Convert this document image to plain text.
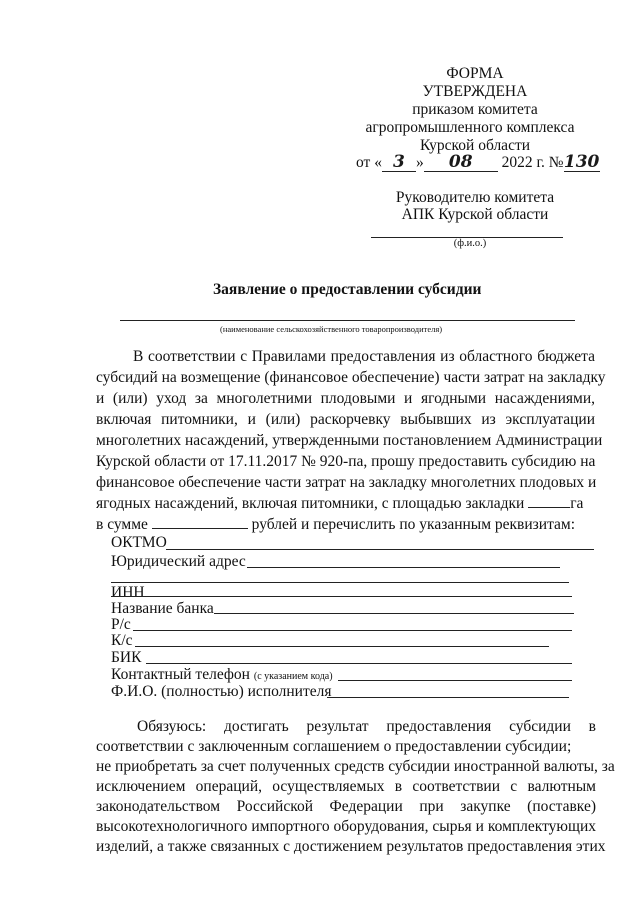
ФОРМА
УТВЕРЖДЕНА
приказом комитета
агропромышленного комплекса
Курской области
от « 3 » 08 2022 г. №130
Руководителю комитета
АПК Курской области
(ф.и.о.)
Заявление о предоставлении субсидии
(наименование сельскохозяйственного товаропроизводителя)
В соответствии с Правилами предоставления из областного бюджета
субсидий на возмещение (финансовое обеспечение) части затрат на закладку
и (или) уход за многолетними плодовыми и ягодными насаждениями,
включая питомники, и (или) раскорчевку выбывших из эксплуатации
многолетних насаждений, утвержденными постановлением Администрации
Курской области от 17.11.2017 № 920-па, прошу предоставить субсидию на
финансовое обеспечение части затрат на закладку многолетних плодовых и
ягодных насаждений, включая питомники, с площадью закладки	га
в сумме	рублей и перечислить по указанным реквизитам:
ОКТМО
Юридический адрес
ИНН
Название банка
Р/с
К/с
БИК
Контактный телефон (с указанием кода)
Ф.И.О. (полностью) исполнителя
Обязуюсь: достигать результат предоставления субсидии в
соответствии с заключенным соглашением о предоставлении субсидии;
не приобретать за счет полученных средств субсидии иностранной валюты, за
исключением операций, осуществляемых в соответствии с валютным
законодательством Российской Федерации при закупке (поставке)
высокотехнологичного импортного оборудования, сырья и комплектующих
изделий, а также связанных с достижением результатов предоставления этих
